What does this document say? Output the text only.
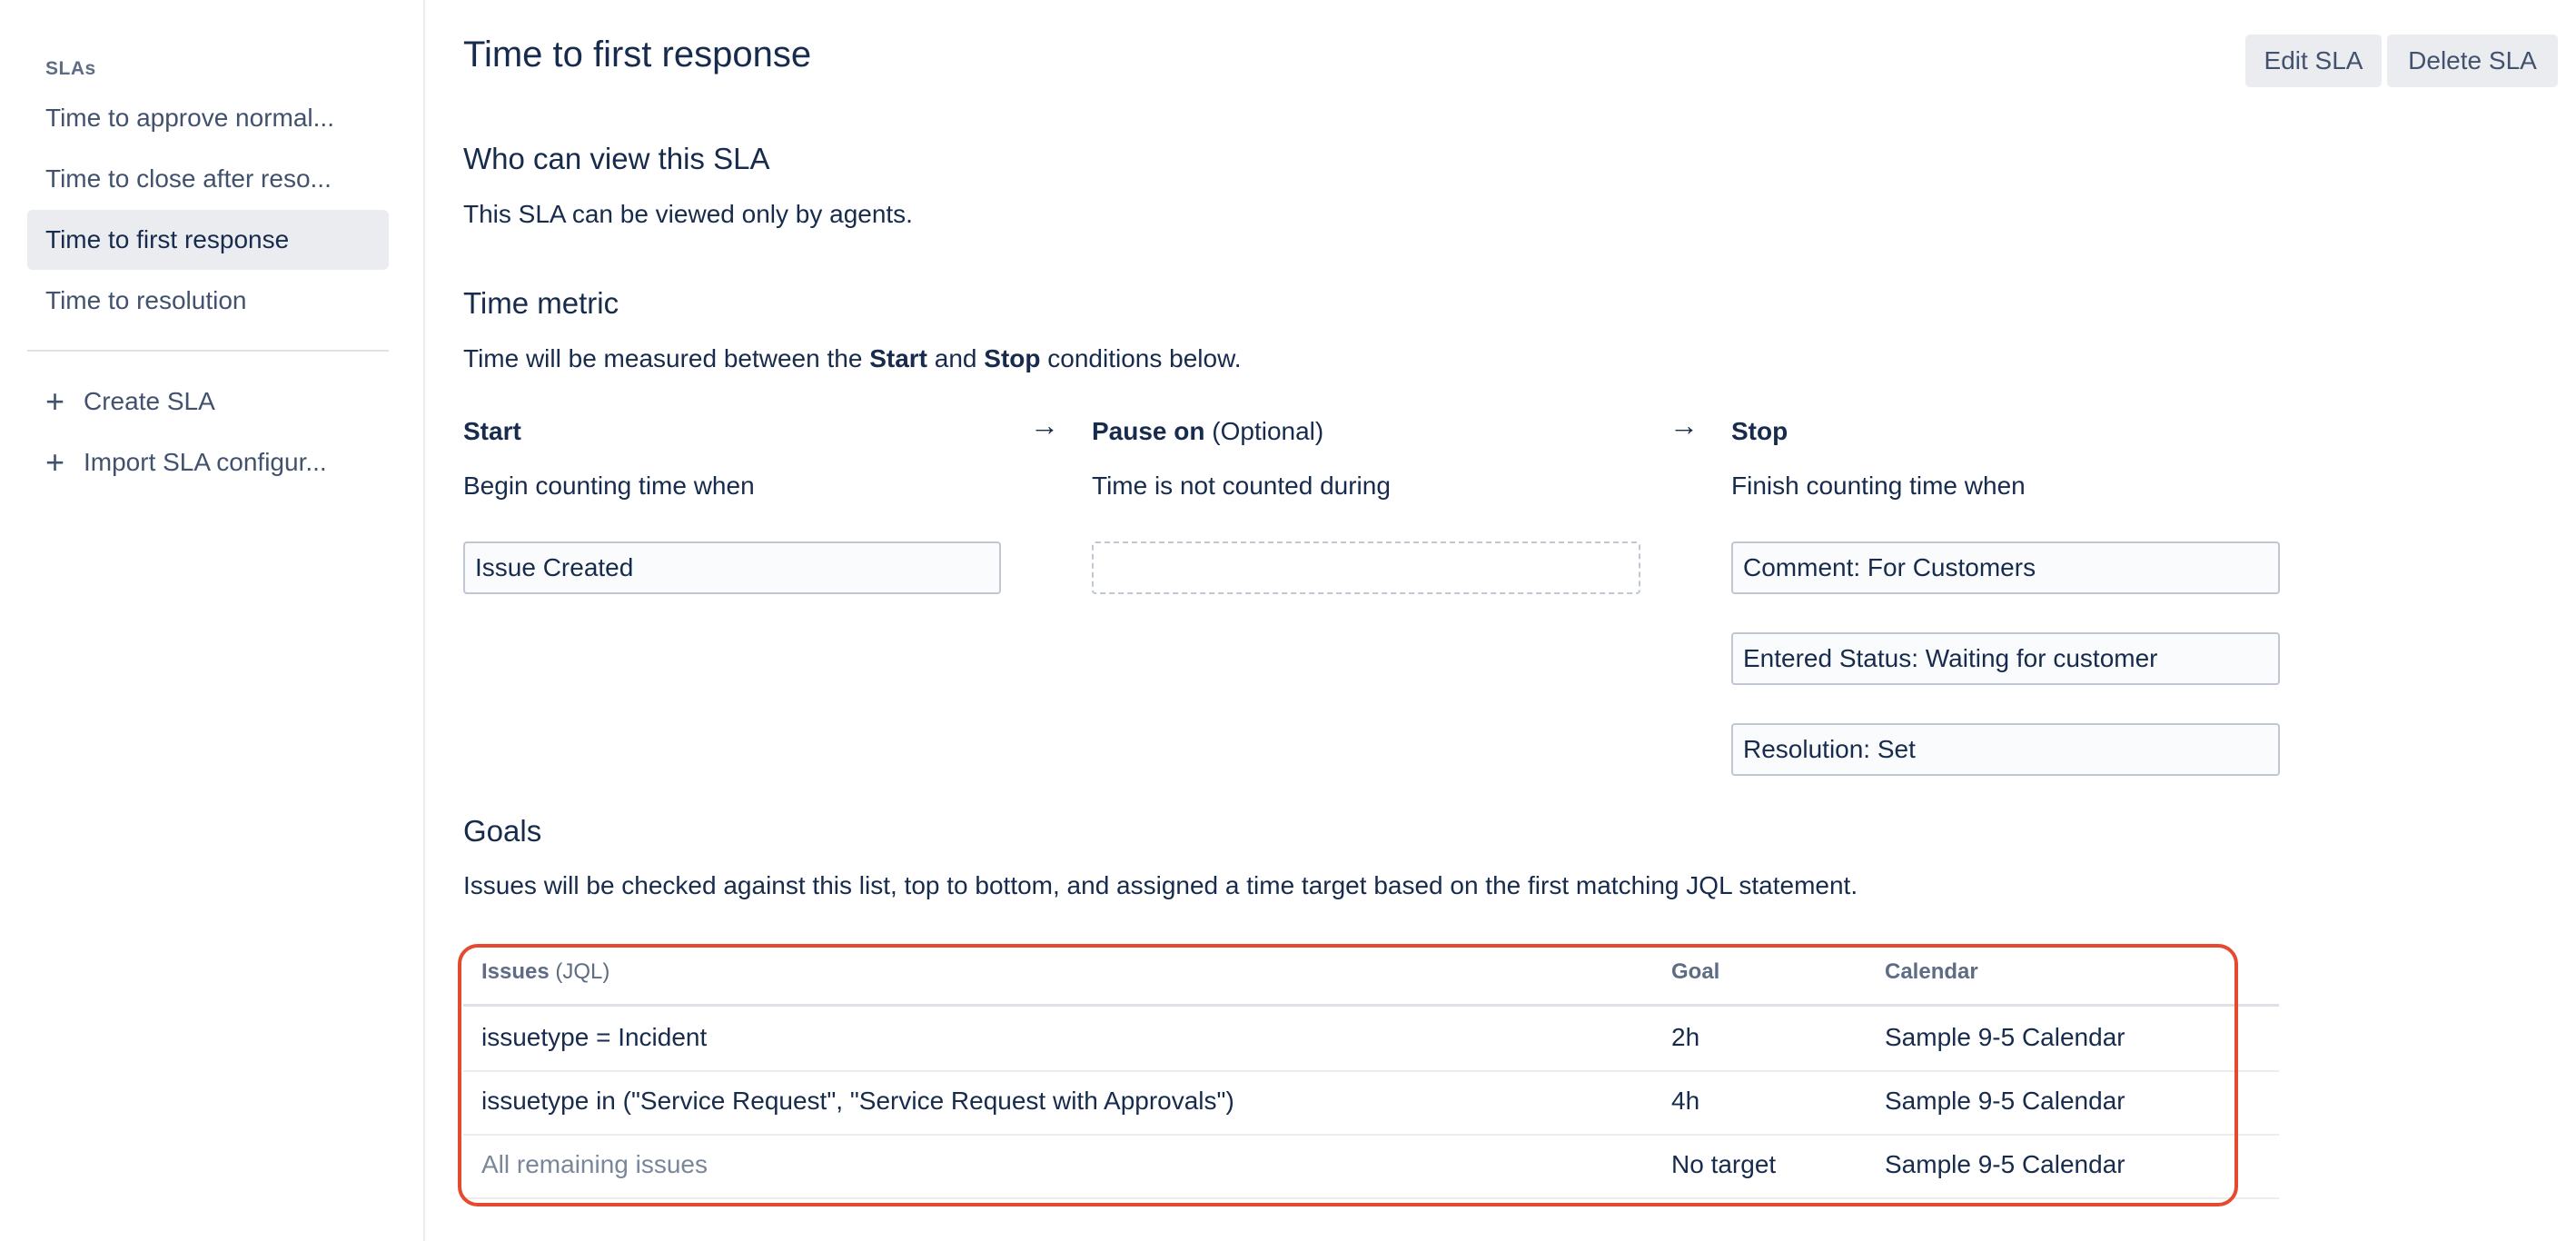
SLAs
Time to approve normal...
Time to close after reso...
Time to first response
Time to resolution
+ Create SLA
+ Import SLA configur...
Time to first response	Edit SLA	Delete SLA
Who can view this SLA
This SLA can be viewed only by agents.
Time metric
Time will be measured between the Start and Stop conditions below.
Start
Begin counting time when
Issue Created
→ Pause on (Optional)
Time is not counted during
→ Stop
Finish counting time when
Comment: For Customers
Entered Status: Waiting for customer
Resolution: Set
Goals
Issues will be checked against this list, top to bottom, and assigned a time target based on the first matching JQL statement.
Issues (JQL)	Goal	Calendar
issuetype = Incident	2h	Sample 9-5 Calendar
issuetype in ("Service Request", "Service Request with Approvals")	4h	Sample 9-5 Calendar
All remaining issues	No target	Sample 9-5 Calendar
